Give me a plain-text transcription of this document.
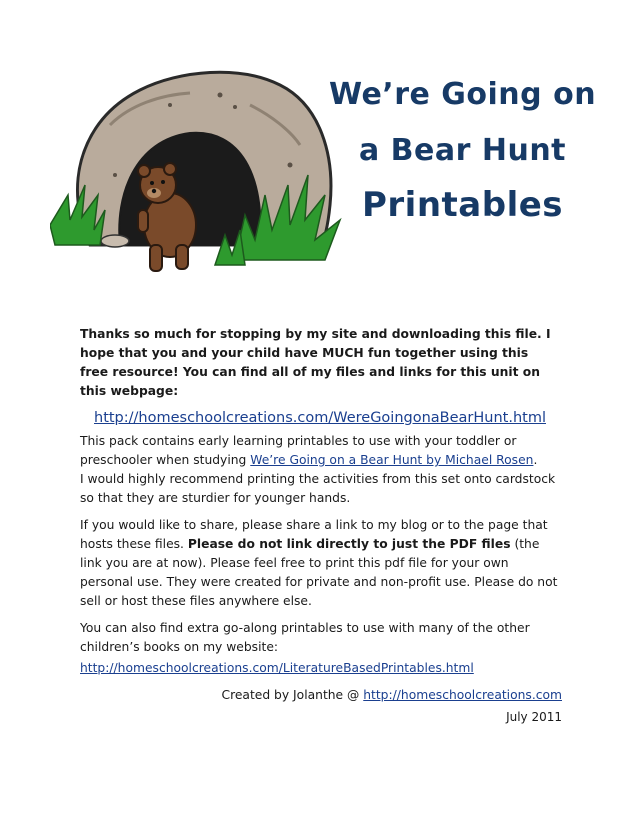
We’re Going on
a Bear Hunt
Printables

Thanks so much for stopping by my site and downloading this file. I hope that you and your child have MUCH fun together using this free resource! You can find all of my files and links for this unit on this webpage:

http://homeschoolcreations.com/WereGoingonaBearHunt.html

This pack contains early learning printables to use with your toddler or preschooler when studying We’re Going on a Bear Hunt by Michael Rosen.
I would highly recommend printing the activities from this set onto cardstock so that they are sturdier for younger hands.

If you would like to share, please share a link to my blog or to the page that hosts these files. Please do not link directly to just the PDF files (the link you are at now). Please feel free to print this pdf file for your own personal use. They were created for private and non-profit use. Please do not sell or host these files anywhere else.

You can also find extra go-along printables to use with many of the other children’s books on my website:
http://homeschoolcreations.com/LiteratureBasedPrintables.html

Created by Jolanthe @ http://homeschoolcreations.com
July 2011
